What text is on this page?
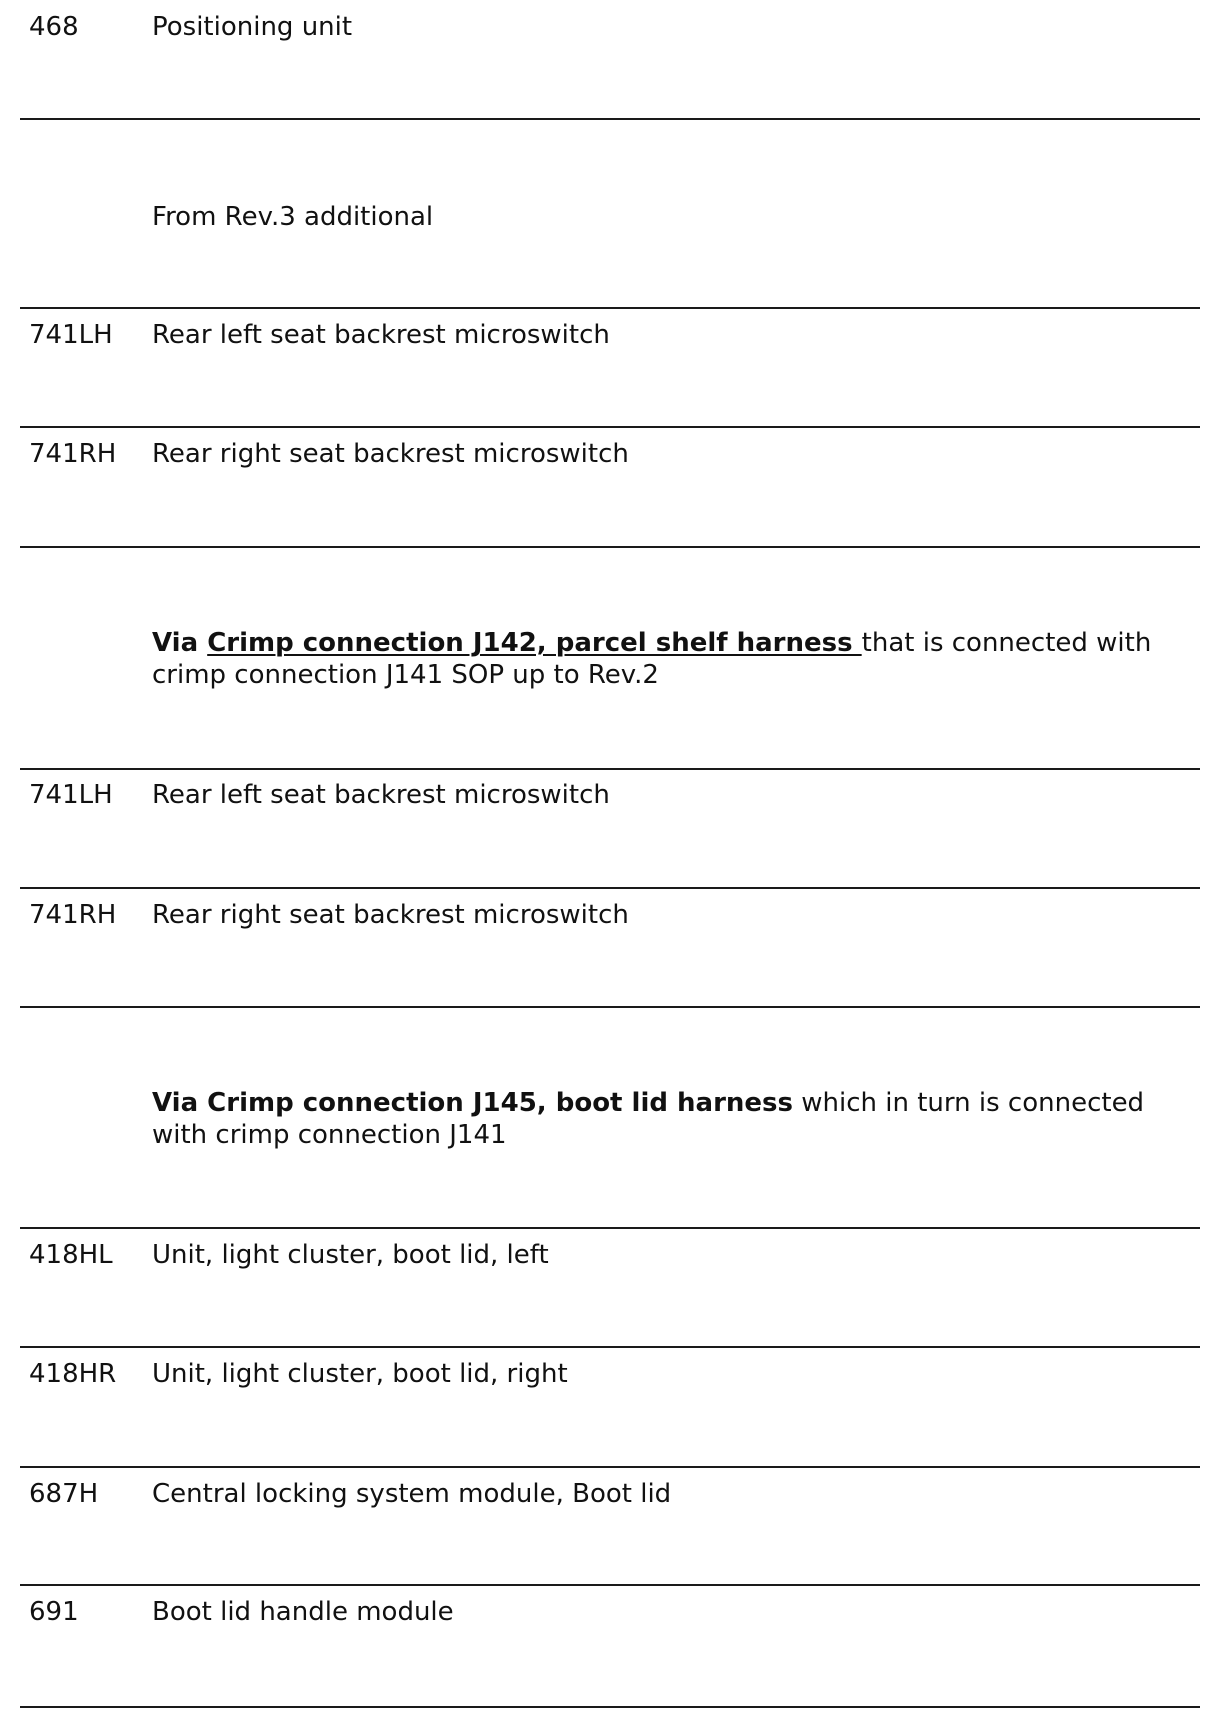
468	Positioning unit
From Rev.3 additional
741LH Rear left seat backrest microswitch
741RH Rear right seat backrest microswitch
Via Crimp connection J142, parcel shelf harness that is connected with crimp connection J141 SOP up to Rev.2
741LH Rear left seat backrest microswitch
741RH Rear right seat backrest microswitch
Via Crimp connection J145, boot lid harness which in turn is connected with crimp connection J141
418HL Unit, light cluster, boot lid, left
418HR Unit, light cluster, boot lid, right
687H Central locking system module, Boot lid
691	Boot lid handle module
